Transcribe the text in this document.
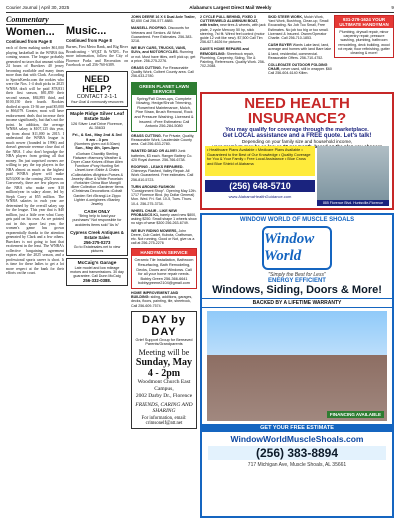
Courier Journal | April 30, 2025	Alabama's Largest Direct Mail Weekly	9
Commentary
Women...
Continued from Page 8
each of them making under $61,000 playing basketball in the WNBA this coming season. The league probably generated no taxes that amount within 24 hours of Bueckers 40 jersey becoming available and many times more than that with Clark. According to SportsKeeda.com the rookies who were the Nos. 1-4 draft picks in 2025 WNBA draft will be paid $78,831 their first season, $81,859 their second season, $84,895 third, and $100,150 their fourth. Rookies drafted at spots 13-36 are paid $5,000 to $66,079. Greater, most will have endorsement deals that increase their income significantly, but that's not the point. In addition, the average WNBA salary is $107,125 this year, up from about $11,000 in 2015. I understand the WNBA league is much newer (founded in 1996) and doesn't generate revenue close that of the NBA. I also don't begrudge the NBA players from getting all that money. I'm just surprised owners are willing to pay the top players in the NBA almost as much as the highest paid WNBA player will make $253,000 in the coming 2025 season. Conversely, there are few players on the NBA who make over $10 million/year in salary alone, led by Steph Curry at $55 million. The WNBA salaries in each year are determined by the overall salary cap for the league. This year that is $40 million, just a little over what Curry gets paid on his own. As we pointed out in this space last year, the women's game has grown exponentially thanks to the attention generated by Clark and a few others. Bueckers is not going to hurt that excitement in the least. The WNBA's collective bargaining agreement expires after the 2025 season, and a professional sports career is short. It is time for these ladies to get a lot more respect at the bank for their efforts on the court.
Music...
Continued from Page 8
Burnes, First Metro Bank, and Big River Broadcasting - WQLT & WXFL. For more information, follow the City of Florence Parks and Recreation on Facebook or call 256-760-6389.
NEED HELP?
CONTACT 2-1-1
Your Goal & community resources
Maple Ridge Silver Leaf Estate Sale
126 Silver Leaf Drive Florence, AL 35633
Fri., & Sat., May 2nd & 3rd
9 am - 3 pm
(Numbers given out 8:30am)
Sun., May 4th, 1pm-3pm
•Gorham Chantilly Sterling Flatware •Harmony Weather & Dryer •Case Knives •Ethan Allen Furniture •Pony Hunting Set •Jewel-tone •Table & Chairs •Collectables •Brighton Purses & Jewelry •Blue & White Porcelain •Yorkshire China Blue Mongill •Beer Collection •Gardener Items •Christmas Decorations •Cobalt Garden Set •Strangl-Le Zippo Lighter •Lomiginees •Stanley Jewelry
CASH ONLY
"Bring help to load your purchases" Not responsible for accidents Items sold "As Is"
Cypress Creek Antiques & Estate Sales
256-275-0273
Go to Estatesales.net to view pictures
McCaig's Garage
Late model and low mileage motors and transmissions. 30 day guarantee. Call Dunn McCaig
256-332-0388.
JOHN DEERE 16 X 6 Dual Axle Trailer, $2,650 Call 256-577-8885.
MANSELL ROOFING. Discounts for Veterans and Seniors. All Work Guaranteed. Free Estimates. 256-383-3218.
WE BUY CARS, TRUCKS, VANS, SUVs, and MOTORCYCLES. Running or not. Must have titles, we'll pick up, get a price. 256-275-2276.
GRASS CUTTING. For Reasonable Quality Work, Colbert County area. Call 256-633-2780.
GREEN PLANET LAWN SERVICES
Spring/Fall Clean-ups, Complete Mowing, Hedge/Shrub Trimming, Flowerbed Maintenance, Mulch, Pine Straw, Brush Removal, Rock and Pressure Washing. Licensed & Insured. •Free Estimates• Call Antonio 256-284-5080
GRASS CUTTING. For Private, Quality, Reasonable Work, Lauderdale County area. Call 256-633-2780.
WANTED DEAD OR ALIVE! Junk batteries, $3 each. Ranger Battery Co. 420 Royal Avenue. 256-766-6738.
ROOFING - LEAKS REPAIRED. Chimneys Flashed, Valley Repair. All Work Guaranteed. Free estimates. Call 256-810-5723.
TURN AROUND FASHION "Consignment Shop". Opening May 12th. 1717 Florence Blvd. (by Dollar General) Mon. Wed. Fri. Sat. 10-5, Tues. Thurs. 10-4. 256-275-3734.
WHEEL CHAIR - LIKE NEW PROBASICS K1, barely used new $800, asking $250. Small shape 1 wheels show no sign of wear $300 256-263-6749.
WE BUY RIDING MOWERS, John Deere, Cub Cadet, Kubota, Craftsman, etc. Not running, Good or Not, give us a call at 256-275-2276
HANDYMAN SERVICE
Ceramic Tile Installation, Bathroom Resurfacing, Bath Remodeling, Decks, Doors and Windows. Call for all your home repair needs. Bobby Green 256-366-6641 bobbygreene2104@gmail.com
HOME IMPROVEMENT AND BUILDING: siding, additions, garages, decks, floors, painting, tile, sheetrock, Call 256-609-7574.
DAY by DAY
Grief Support Group for Bereaved Parents/Grandparents
Meeting will be
Sunday, May 4 - 2pm
Woodmont Church East Campus,
2002 Darby Dr., Florence
FRIENDS, CARING AND SHARING
For information, email: crimsonelf@att.net
2 CYCLE PULL BEHIND, FIXED 3 CUTTER/WELD ALUMINUM BOAT, with trailer, new tires & wheels, with jack plate, 2 cycle Mercury 50 hp, stick steering, 7st fit. Wired feel control (motor guide 12 volt like new). $7,500 Call Tim 256-627-4626 for pictures.
DAVE'S HOME REPAIRS and REMODELING: Sheetrock repair, Plumbing, Carpentry, Siding, Tile & Painting, References. Quality Work. 256-702-2088.
SKID STEER WORK, Mulch Work, Yard Work, Bushhog, Clean-up, Small Excavating. No Job Too Small, Free Estimates. No job too big or too small. Licensed & Insured. Owner/Operator Charlie. Call 256-710-1853.
CASH BUYER Wants Lake land, land, acreage and homes with land Bare lake & land, residential, commercial. Reasonable Offers. 256-710-4752.
COLLEGIATE OUTDOOR FOLDING CHAIR, never used, still in wrapper. $60 Call 256-604-6140 Killen.
931-279-1624 YOUR ULTIMATE HANDYMAN
Plumbing, drywall repair, minor carpentry repair, pressure washing, plumbing, bathroom remodeling, deck building, wood rot repair, floor refinishing, gutter cleaning & more!
NEED HEALTH INSURANCE?
You may qualify for coverage through the marketplace.
Get LOCAL assistance and a FREE quote. Let's talk!
Depending on your family size and household income,
• Healthcare Plans Available • Medicare Plans Available • Guaranteed to the Best of Our Knowledge • Quality Coverage for You & Your Family • Free Local Assistance • Blue Cross and Blue Shield of Alabama
885 Florence Blvd. Huntsville-Florence
(256) 648-5710
www.AlabamaHealthGuidance.com
WINDOW WORLD OF MUSCLE SHOALS
Window World
"Simply the Best for Less"
ENERGY EFFICIENT
Windows, Siding, Doors & More!
BACKED BY A LIFETIME WARRANTY
FINANCING AVAILABLE
GET YOUR FREE ESTIMATE
WindowWorldMuscleShoals.com
(256) 383-8894
717 Michigan Ave, Muscle Shoals, AL 35661
